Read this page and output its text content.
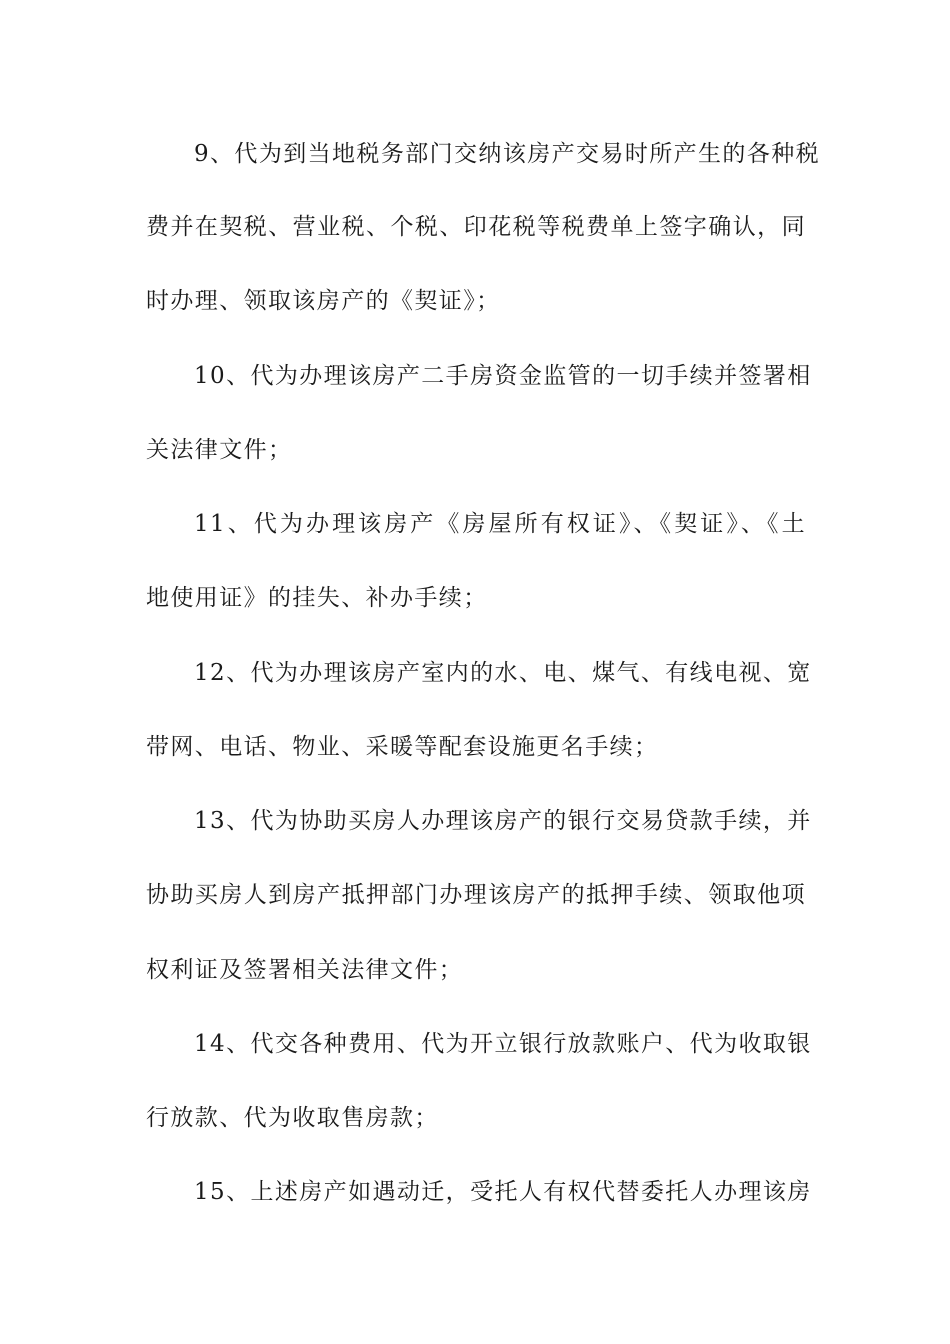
9、代为到当地税务部门交纳该房产交易时所产生的各种税
费并在契税、营业税、个税、印花税等税费单上签字确认，同
时办理、领取该房产的《契证》；
10、代为办理该房产二手房资金监管的一切手续并签署相
关法律文件；
11、代为办理该房产《房屋所有权证》、《契证》、《土
地使用证》的挂失、补办手续；
12、代为办理该房产室内的水、电、煤气、有线电视、宽
带网、电话、物业、采暖等配套设施更名手续；
13、代为协助买房人办理该房产的银行交易贷款手续，并
协助买房人到房产抵押部门办理该房产的抵押手续、领取他项
权利证及签署相关法律文件；
14、代交各种费用、代为开立银行放款账户、代为收取银
行放款、代为收取售房款；
15、上述房产如遇动迁，受托人有权代替委托人办理该房
